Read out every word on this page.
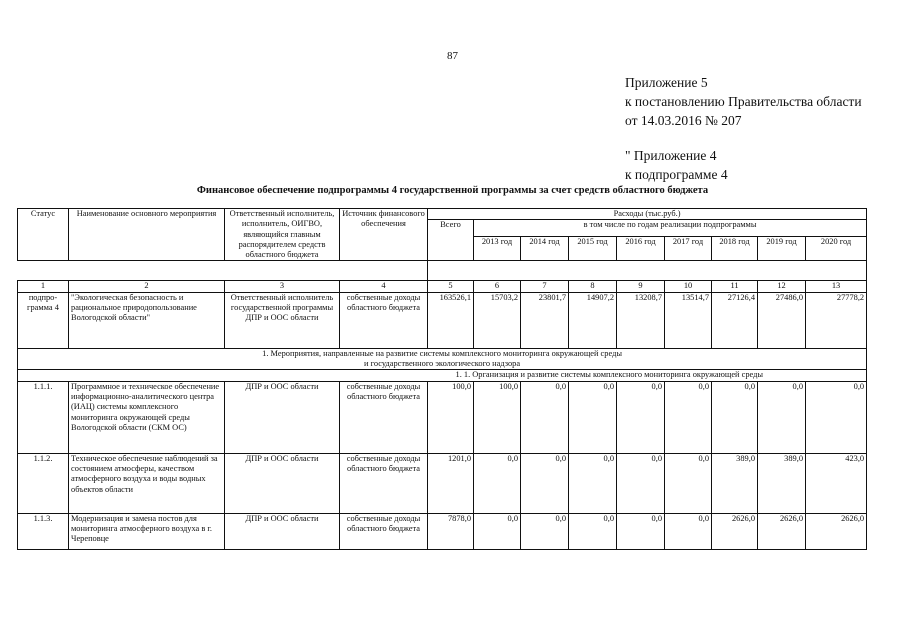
87
Приложение 5
к постановлению Правительства области
от 14.03.2016 № 207
" Приложение 4
к подпрограмме 4
Финансовое обеспечение подпрограммы 4 государственной программы за счет средств областного бюджета
Статус	Наименование основного мероприятия	Ответственный исполнитель, исполнитель, ОИГВО, являющийся главным распорядителем средств областного бюджета	Источник финансового обеспечения	Расходы (тыс.руб.)								
				Всего	в том числе по годам реализации подпрограммы							
					2013 год	2014 год	2015 год	2016 год	2017 год	2018 год	2019 год	2020 год

1	2	3	4	5	6	7	8	9	10	11	12	13
подпро-грамма 4	"Экологическая безопасность и рациональное природопользование Вологодской области"	Ответственный исполнитель государственной программы ДПР и ООС области	собственные доходы областного бюджета	163526,1	15703,2	23801,7	14907,2	13208,7	13514,7	27126,4	27486,0	27778,2

1. Мероприятия, направленные на развитие системы комплексного мониторинга окружающей среды
и государственного экологического надзора												

				1. 1. Организация и развитие системы комплексного мониторинга окружающей среды								
1.1.1.	Программное и техническое обеспечение информационно-аналитического центра (ИАЦ) системы комплексного мониторинга окружающей среды Вологодской области (СКМ ОС)	ДПР и ООС области	собственные доходы областного бюджета	100,0	100,0	0,0	0,0	0,0	0,0	0,0	0,0	0,0
1.1.2.	Техническое обеспечение наблюдений за состоянием атмосферы, качеством атмосферного воздуха и воды водных объектов области	ДПР и ООС области	собственные доходы областного бюджета	1201,0	0,0	0,0	0,0	0,0	0,0	389,0	389,0	423,0
1.1.3.	Модернизация и замена постов для мониторинга атмосферного воздуха в г. Череповце	ДПР и ООС области	собственные доходы областного бюджета	7878,0	0,0	0,0	0,0	0,0	0,0	2626,0	2626,0	2626,0
